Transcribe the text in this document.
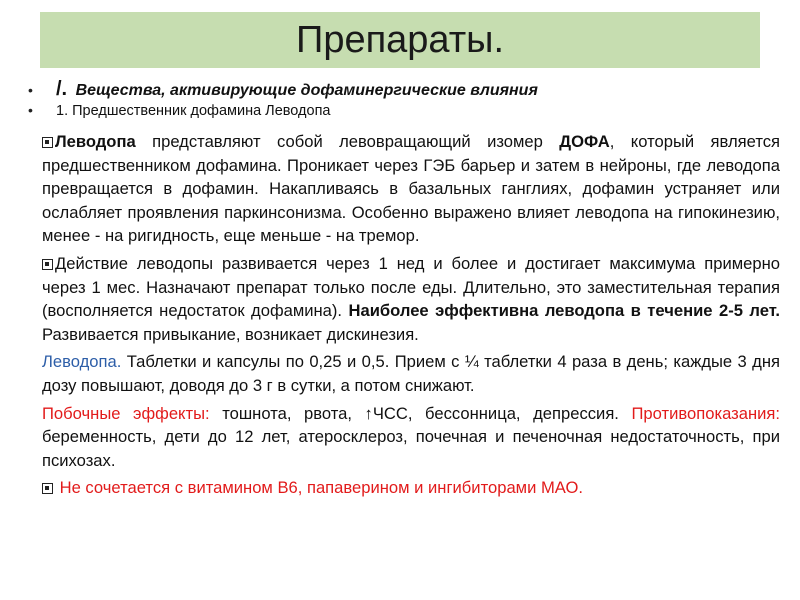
Препараты.
•	/. Вещества, активирующие дофаминергические влияния
•	1. Предшественник дофамина Леводопа

Леводопа представляют собой левовращающий изомер ДОФА, который является предшественником дофамина. Проникает через ГЭБ барьер и затем в нейроны, где леводопа превращается в дофамин. Накапливаясь в базальных ганглиях, дофамин устраняет или ослабляет проявления паркинсонизма. Особенно выражено влияет леводопа на гипокинезию, менее - на ригидность, еще меньше - на тремор.

Действие леводопы развивается через 1 нед и более и достигает максимума примерно через 1 мес. Назначают препарат только после еды. Длительно, это заместительная терапия (восполняется недостаток дофамина). Наиболее эффективна леводопа в течение 2-5 лет. Развивается привыкание, возникает дискинезия.

Леводопа. Таблетки и капсулы по 0,25 и 0,5. Прием с ¼ таблетки 4 раза в день; каждые 3 дня дозу повышают, доводя до 3 г в сутки, а потом снижают.

Побочные эффекты: тошнота, рвота, ↑ЧСС, бессонница, депрессия. Противопоказания: беременность, дети до 12 лет, атеросклероз, почечная и печеночная недостаточность, при психозах.

Не сочетается с витамином В6, папаверином и ингибиторами МАО.
